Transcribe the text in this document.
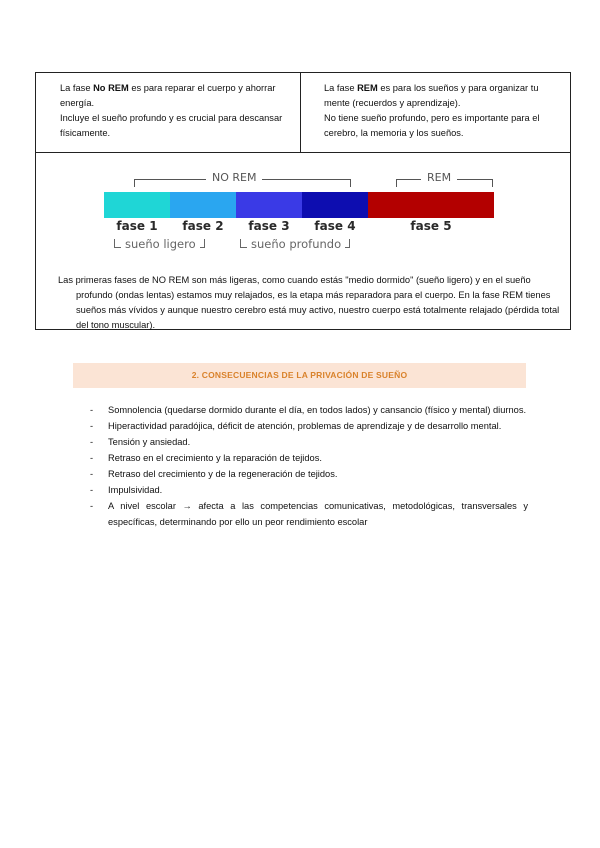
La fase No REM es para reparar el cuerpo y ahorrar energía.
Incluye el sueño profundo y es crucial para descansar físicamente.
La fase REM es para los sueños y para organizar tu mente (recuerdos y aprendizaje).
No tiene sueño profundo, pero es importante para el cerebro, la memoria y los sueños.
NO REM	REM
fase 1	fase 2	fase 3	fase 4	fase 5
sueño ligero	sueño profundo
Las primeras fases de NO REM son más ligeras, como cuando estás "medio dormido" (sueño ligero) y en el sueño
profundo (ondas lentas) estamos muy relajados, es la etapa más reparadora para el cuerpo. En la fase REM tienes sueños más vívidos y aunque nuestro cerebro está muy activo, nuestro cuerpo está totalmente relajado (pérdida total del tono muscular).
2. CONSECUENCIAS DE LA PRIVACIÓN DE SUEÑO
- Somnolencia (quedarse dormido durante el día, en todos lados) y cansancio (físico y mental) diurnos.
- Hiperactividad paradójica, déficit de atención, problemas de aprendizaje y de desarrollo mental.
- Tensión y ansiedad.
- Retraso en el crecimiento y la reparación de tejidos.
- Retraso del crecimiento y de la regeneración de tejidos.
- Impulsividad.
- A nivel escolar → afecta a las competencias comunicativas, metodológicas, transversales y específicas, determinando por ello un peor rendimiento escolar
